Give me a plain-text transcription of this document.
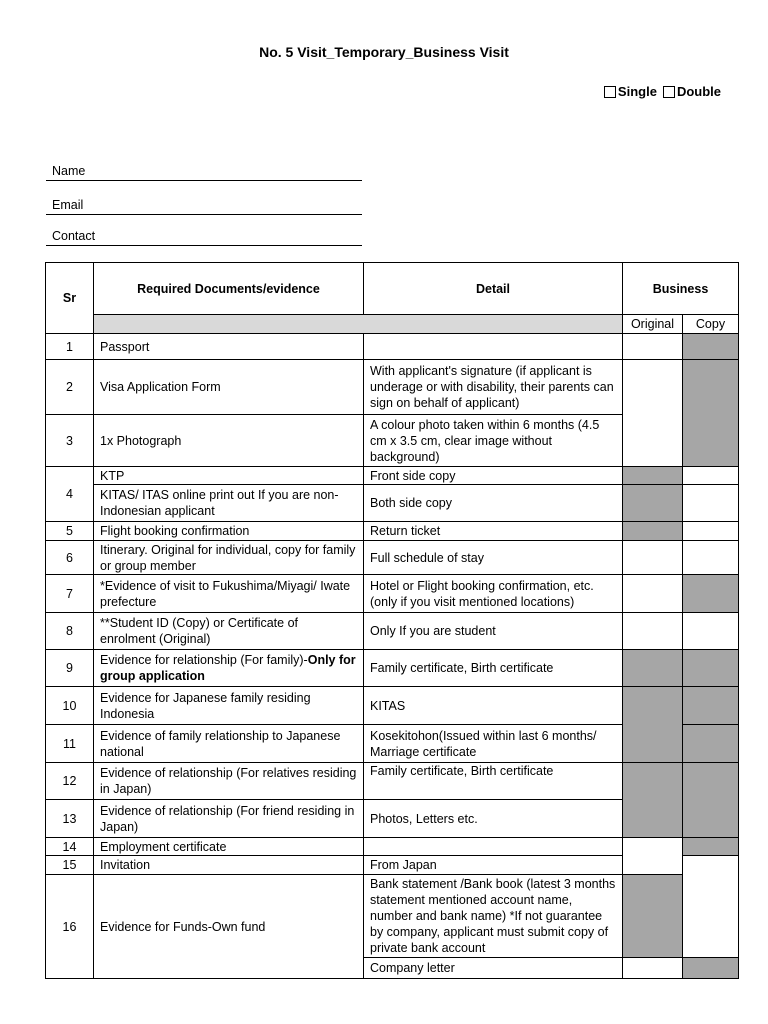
No. 5 Visit_Temporary_Business Visit
Single Double
Name
Email
Contact
Sr	Required Documents/evidence	Detail	Business	
			Original	Copy
1	Passport			
2	Visa Application Form	With applicant's signature (if applicant is underage or with disability, their parents can sign on behalf of applicant)		
3	1x Photograph	A colour photo taken within 6 months (4.5 cm x 3.5 cm, clear image without background)		
4	KTP	Front side copy		
	KITAS/ ITAS online print out If you are non-Indonesian applicant	Both side copy		
5	Flight booking confirmation	Return ticket		
6	Itinerary. Original for individual, copy for family or group member	Full schedule of stay		
7	*Evidence of visit to Fukushima/Miyagi/ Iwate prefecture	Hotel or Flight booking confirmation, etc. (only if you visit mentioned locations)		
8	**Student ID (Copy) or Certificate of enrolment (Original)	Only If you are student		
9	Evidence for relationship (For family)-Only for group application	Family certificate, Birth certificate		
10	Evidence for Japanese family residing Indonesia	KITAS		
11	Evidence of family relationship to Japanese national	Kosekitohon(Issued within last 6 months/ Marriage certificate		
12	Evidence of relationship (For relatives residing in Japan)	Family certificate, Birth certificate		
13	Evidence of relationship (For friend residing in Japan)	Photos, Letters etc.		
14	Employment certificate			
15	Invitation	From Japan		
16	Evidence for Funds-Own fund	Bank statement /Bank book (latest 3 months statement mentioned account name, number and bank name) *If not guarantee by company, applicant must submit copy of private bank account		
		Company letter		
